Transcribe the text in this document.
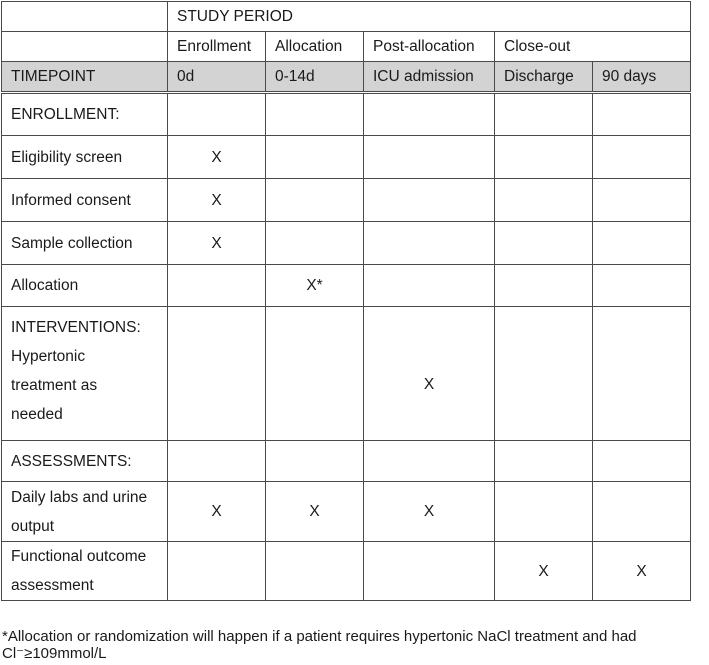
	STUDY PERIOD				
	Enrollment	Allocation	Post-allocation	Close-out	
TIMEPOINT	0d	0-14d	ICU admission	Discharge	90 days
ENROLLMENT:					
Eligibility screen	X				
Informed consent	X				
Sample collection	X				
Allocation		X*			

INTERVENTIONS:
Hypertonic
treatment as
needed			X		
ASSESSMENTS:					

Daily labs and urine
output	X	X	X		

Functional outcome
assessment				X	X
*Allocation or randomization will happen if a patient requires hypertonic NaCl treatment and had
Cl⁻≥109mmol/L
